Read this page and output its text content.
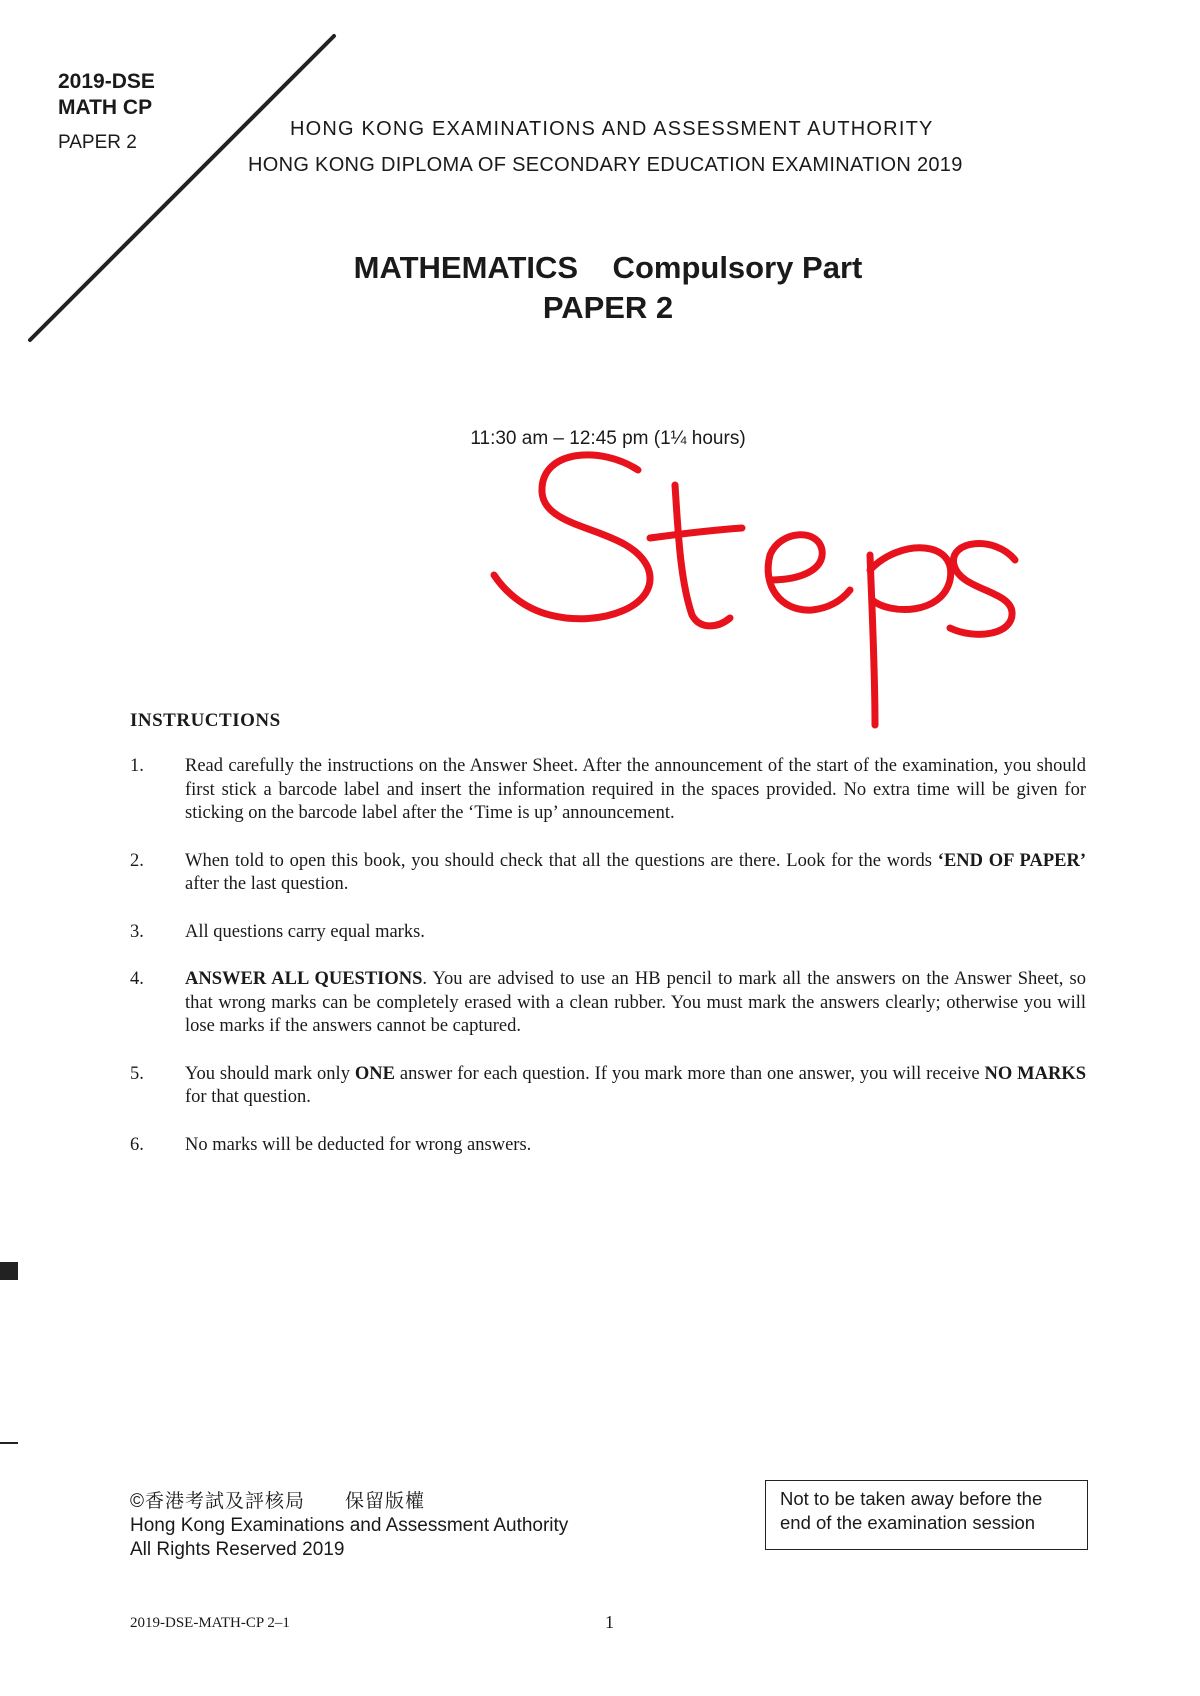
2019-DSE
MATH CP
PAPER 2
HONG KONG EXAMINATIONS AND ASSESSMENT AUTHORITY
HONG KONG DIPLOMA OF SECONDARY EDUCATION EXAMINATION 2019
MATHEMATICS    Compulsory Part
PAPER 2
11:30 am – 12:45 pm (1¼ hours)
INSTRUCTIONS
1.	Read carefully the instructions on the Answer Sheet. After the announcement of the start of the examination, you should first stick a barcode label and insert the information required in the spaces provided. No extra time will be given for sticking on the barcode label after the ‘Time is up’ announcement.
2.	When told to open this book, you should check that all the questions are there. Look for the words ‘END OF PAPER’ after the last question.
3.	All questions carry equal marks.
4.	ANSWER ALL QUESTIONS. You are advised to use an HB pencil to mark all the answers on the Answer Sheet, so that wrong marks can be completely erased with a clean rubber. You must mark the answers clearly; otherwise you will lose marks if the answers cannot be captured.
5.	You should mark only ONE answer for each question. If you mark more than one answer, you will receive NO MARKS for that question.
6.	No marks will be deducted for wrong answers.
©香港考試及評核局　　保留版權
Hong Kong Examinations and Assessment Authority
All Rights Reserved 2019
Not to be taken away before the
end of the examination session
2019-DSE-MATH-CP 2–1	1
